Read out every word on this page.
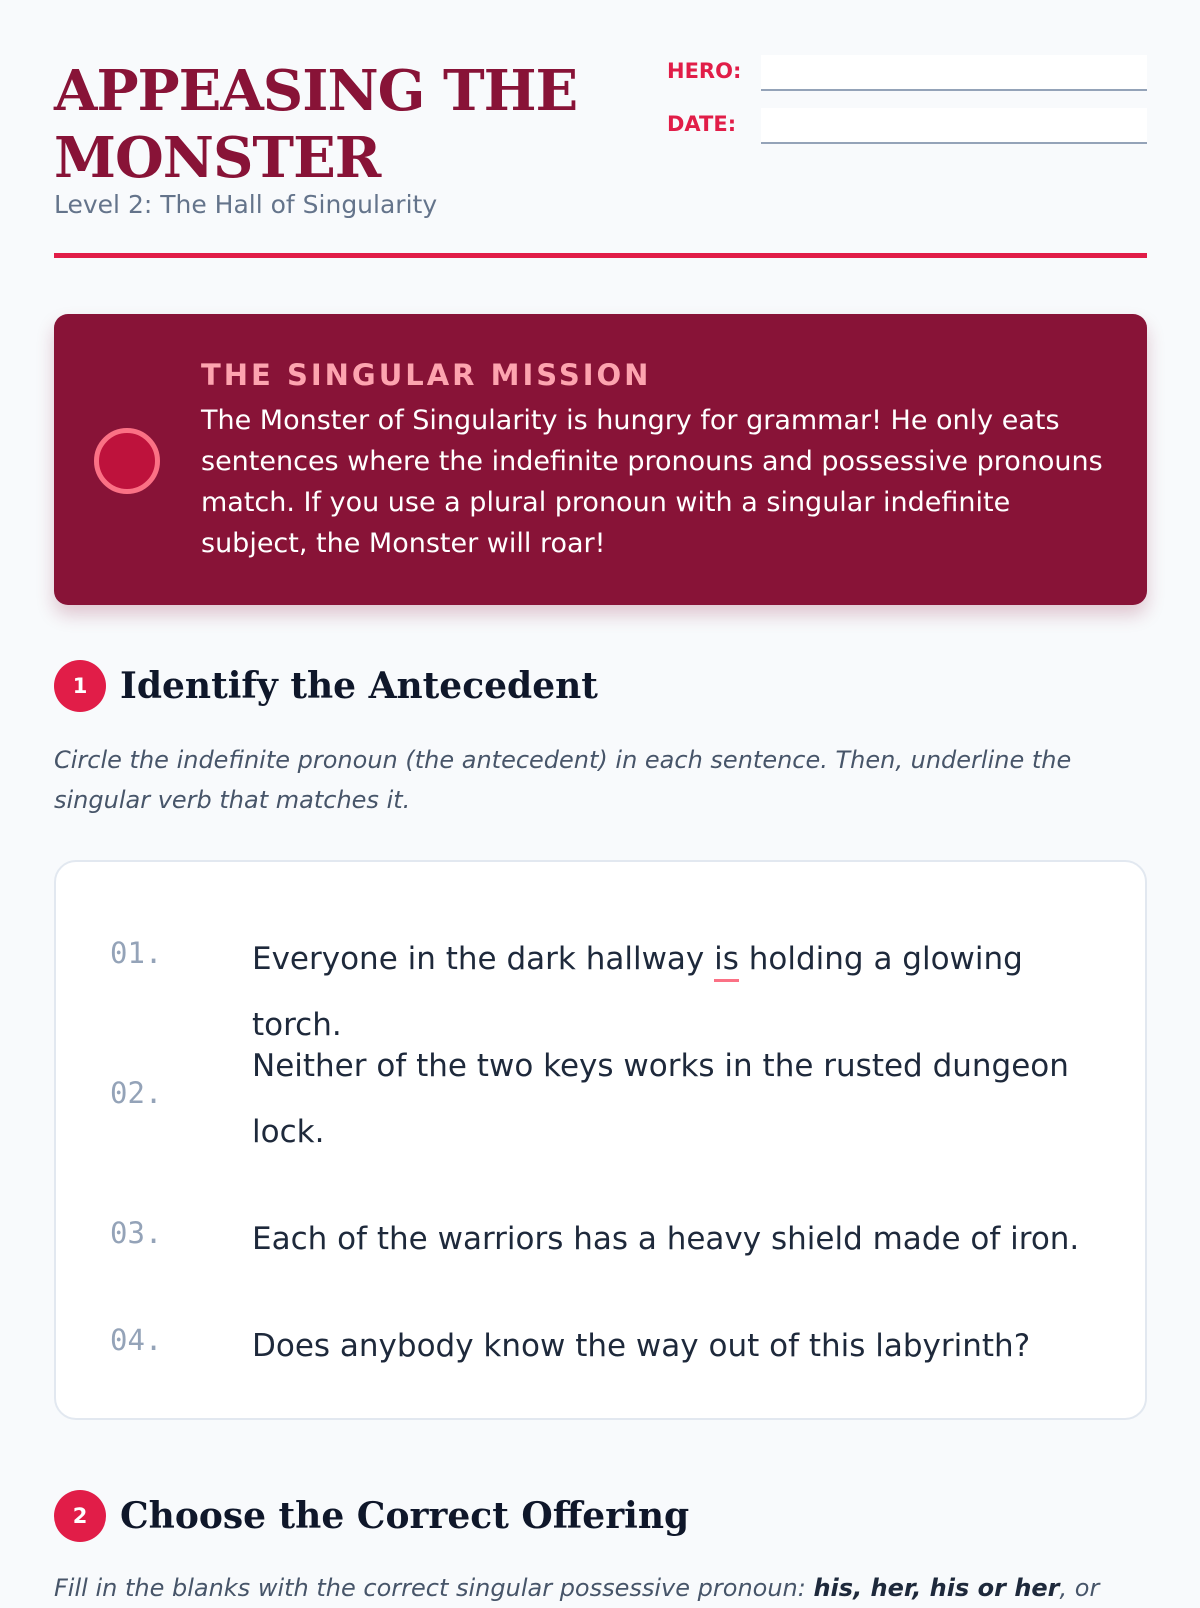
APPEASING THE MONSTER
Level 2: The Hall of Singularity
HERO:
DATE:
THE SINGULAR MISSION

The Monster of Singularity is hungry for grammar! He only eats sentences where the indefinite pronouns and possessive pronouns match. If you use a plural pronoun with a singular indefinite subject, the Monster will roar!

1 Identify the Antecedent

Circle the indefinite pronoun (the antecedent) in each sentence. Then, underline the singular verb that matches it.

01.	Everyone in the dark hallway is holding a glowing torch.
02.
Neither of the two keys works in the rusted dungeon lock.
03.	Each of the warriors has a heavy shield made of iron.
04.	Does anybody know the way out of this labyrinth?
2 Choose the Correct Offering

Fill in the blanks with the correct singular possessive pronoun: his, her, his or her, or
